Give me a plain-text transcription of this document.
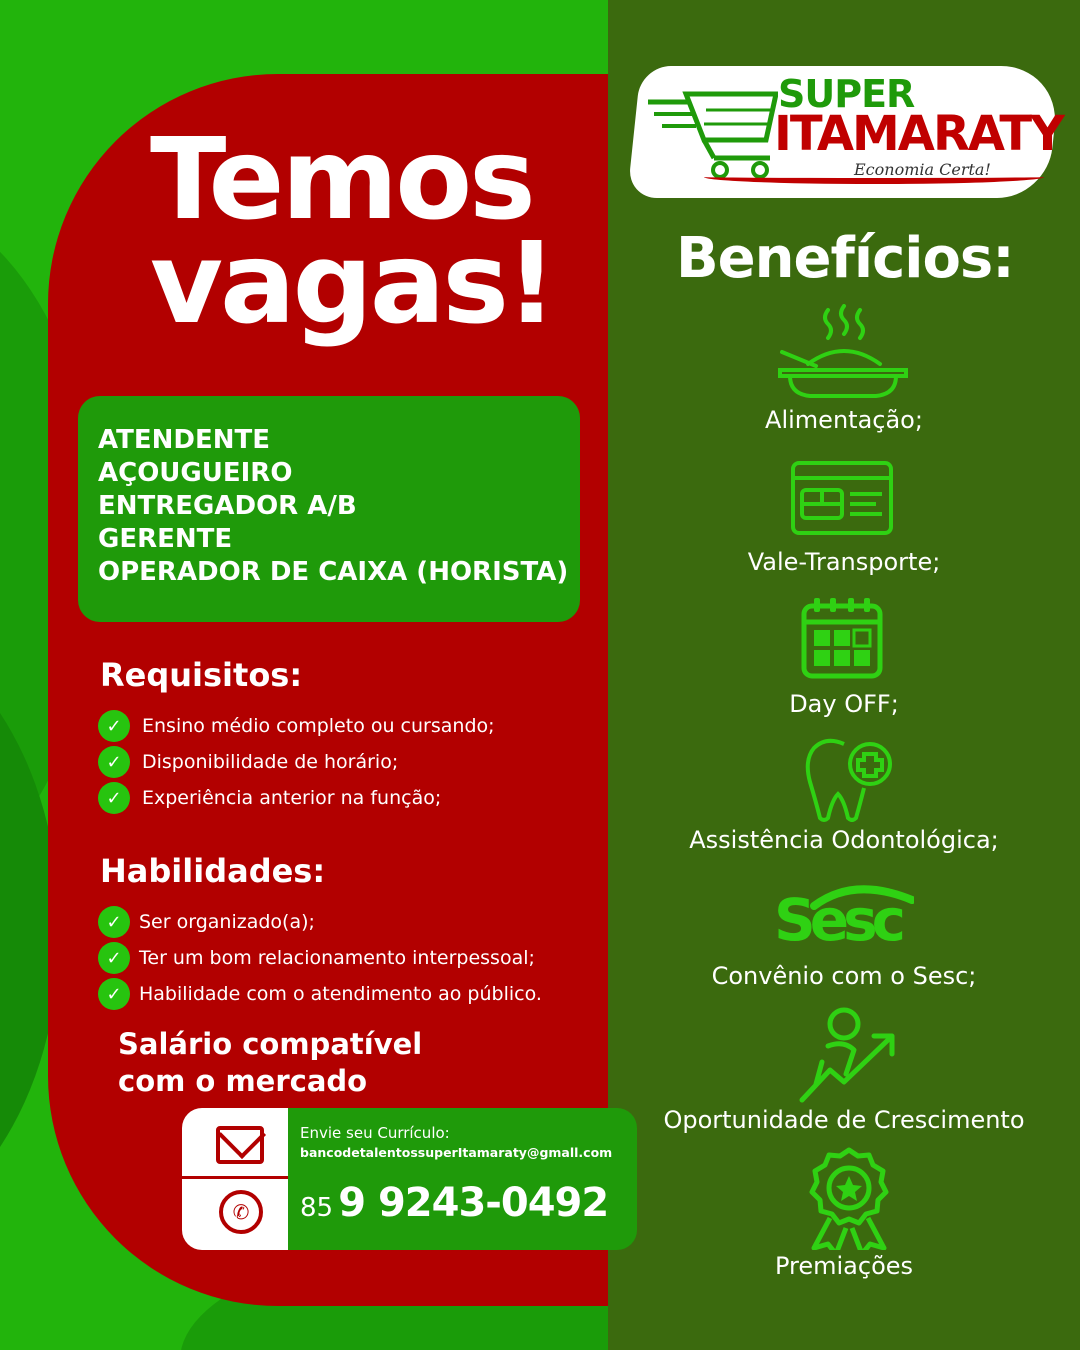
Temos
vagas!
ATENDENTE
AÇOUGUEIRO
ENTREGADOR A/B
GERENTE
OPERADOR DE CAIXA (HORISTA)
Requisitos:
✓	Ensino médio completo ou cursando;
✓	Disponibilidade de horário;
✓	Experiência anterior na função;
Habilidades:
✓ Ser organizado(a);
✓ Ter um bom relacionamento interpessoal;
✓ Habilidade com o atendimento ao público.
Salário compatível
com o mercado
✆
Envie seu Currículo:
bancodetalentossuperItamaraty@gmall.com
85 9 9243-0492
SUPER
ITAMARATY
Economia Certa!
Benefícios:
Alimentação;
Vale-Transporte;
Day OFF;
Assistência Odontológica;
Sesc
Convênio com o Sesc;
Oportunidade de Crescimento
Premiações
